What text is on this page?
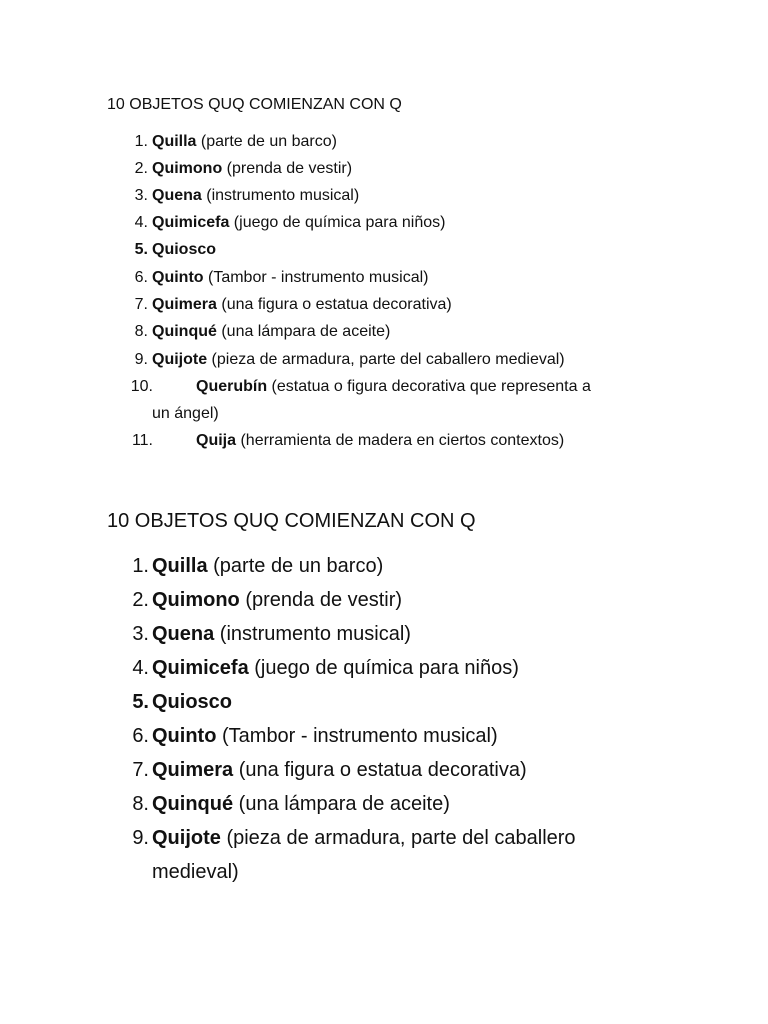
10 OBJETOS QUQ COMIENZAN CON Q
1. Quilla (parte de un barco)
2. Quimono (prenda de vestir)
3. Quena (instrumento musical)
4. Quimicefa (juego de química para niños)
5. Quiosco
6. Quinto (Tambor - instrumento musical)
7. Quimera (una figura o estatua decorativa)
8. Quinqué (una lámpara de aceite)
9. Quijote (pieza de armadura, parte del caballero medieval)
10.	Querubín (estatua o figura decorativa que representa a
un ángel)
11.	Quija (herramienta de madera en ciertos contextos)
10 OBJETOS QUQ COMIENZAN CON Q
1. Quilla (parte de un barco)
2. Quimono (prenda de vestir)
3. Quena (instrumento musical)
4. Quimicefa (juego de química para niños)
5. Quiosco
6. Quinto (Tambor - instrumento musical)
7. Quimera (una figura o estatua decorativa)
8. Quinqué (una lámpara de aceite)
9. Quijote (pieza de armadura, parte del caballero medieval)
